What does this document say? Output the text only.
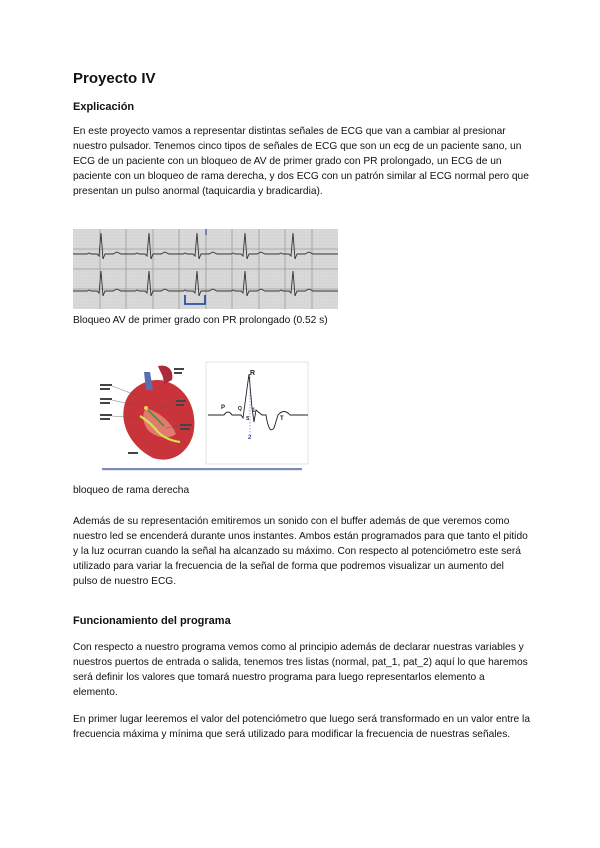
Proyecto IV
Explicación

En este proyecto vamos a representar distintas señales de ECG que van a cambiar al presionar nuestro pulsador. Tenemos cinco tipos de señales de ECG que son un ecg de un paciente sano, un ECG de un paciente con un bloqueo de AV de primer grado con PR prolongado, un ECG de un paciente con un bloqueo de rama derecha, y dos ECG con un patrón similar al ECG normal pero que presentan un pulso anormal (taquicardia y bradicardia).

Bloqueo AV de primer grado con PR prolongado (0.52 s)
R
P	Q
S
1
2
T
bloqueo de rama derecha

Además de su representación emitiremos un sonido con el buffer además de que veremos como nuestro led se encenderá durante unos instantes. Ambos están programados para que tanto el pitido y la luz ocurran cuando la señal ha alcanzado su máximo. Con respecto al potenciómetro este será utilizado para variar la frecuencia de la señal de forma que podremos visualizar un aumento del pulso de nuestro ECG.

Funcionamiento del programa

Con respecto a nuestro programa vemos como al principio además de declarar nuestras variables y nuestros puertos de entrada o salida, tenemos tres listas (normal, pat_1, pat_2) aquí lo que haremos será definir los valores que tomará nuestro programa para luego representarlos elemento a elemento.

En primer lugar leeremos el valor del potenciómetro que luego será transformado en un valor entre la frecuencia máxima y mínima que será utilizado para modificar la frecuencia de nuestras señales.
